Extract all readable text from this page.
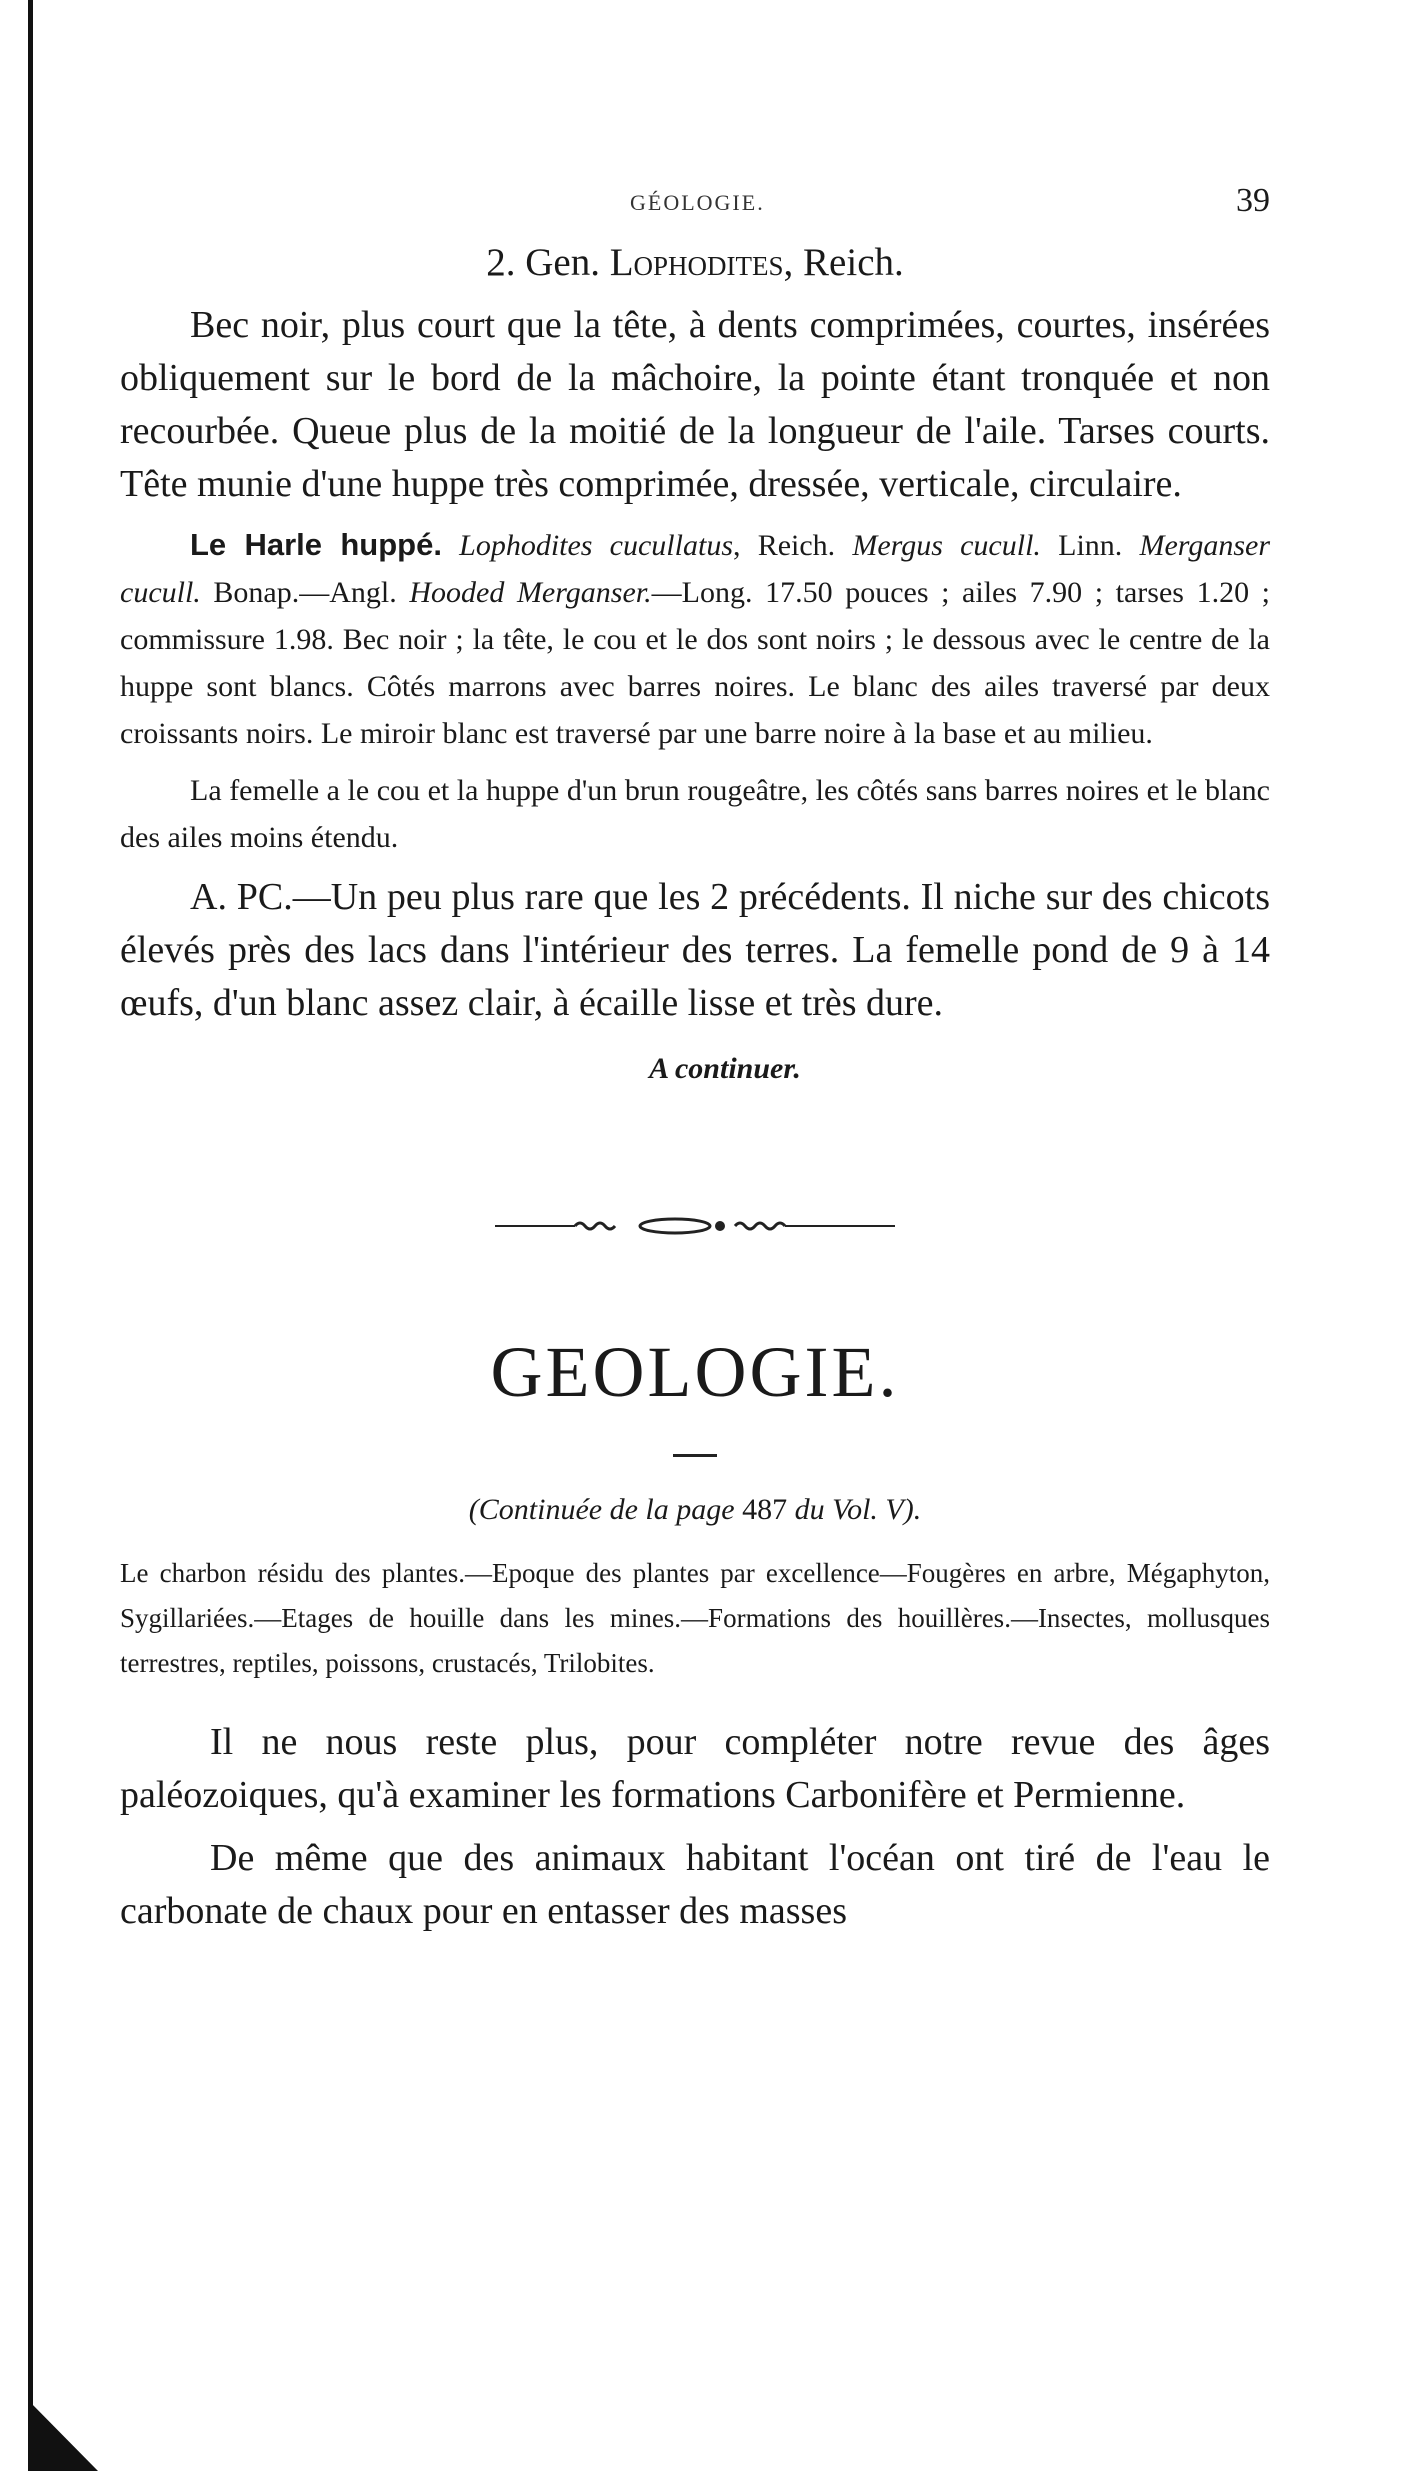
GÉOLOGIE.	39
2. Gen. Lophodites, Reich.

Bec noir, plus court que la tête, à dents comprimées, courtes, insérées obliquement sur le bord de la mâchoire, la pointe étant tronquée et non recourbée. Queue plus de la moitié de la longueur de l'aile. Tarses courts. Tête munie d'une huppe très comprimée, dressée, verticale, circulaire.

Le Harle huppé. Lophodites cucullatus, Reich. Mergus cucull. Linn. Merganser cucull. Bonap.—Angl. Hooded Merganser.—Long. 17.50 pouces ; ailes 7.90 ; tarses 1.20 ; commissure 1.98. Bec noir ; la tête, le cou et le dos sont noirs ; le dessous avec le centre de la huppe sont blancs. Côtés marrons avec barres noires. Le blanc des ailes traversé par deux croissants noirs. Le miroir blanc est traversé par une barre noire à la base et au milieu.

La femelle a le cou et la huppe d'un brun rougeâtre, les côtés sans barres noires et le blanc des ailes moins étendu.

A. PC.—Un peu plus rare que les 2 précédents. Il niche sur des chicots élevés près des lacs dans l'intérieur des terres. La femelle pond de 9 à 14 œufs, d'un blanc assez clair, à écaille lisse et très dure.

A continuer.
GEOLOGIE.
(Continuée de la page 487 du Vol. V).

Le charbon résidu des plantes.—Epoque des plantes par excellence—Fougères en arbre, Mégaphyton, Sygillariées.—Etages de houille dans les mines.—Formations des houillères.—Insectes, mollusques terrestres, reptiles, poissons, crustacés, Trilobites.

Il ne nous reste plus, pour compléter notre revue des âges paléozoiques, qu'à examiner les formations Carbonifère et Permienne.

De même que des animaux habitant l'océan ont tiré de l'eau le carbonate de chaux pour en entasser des masses
